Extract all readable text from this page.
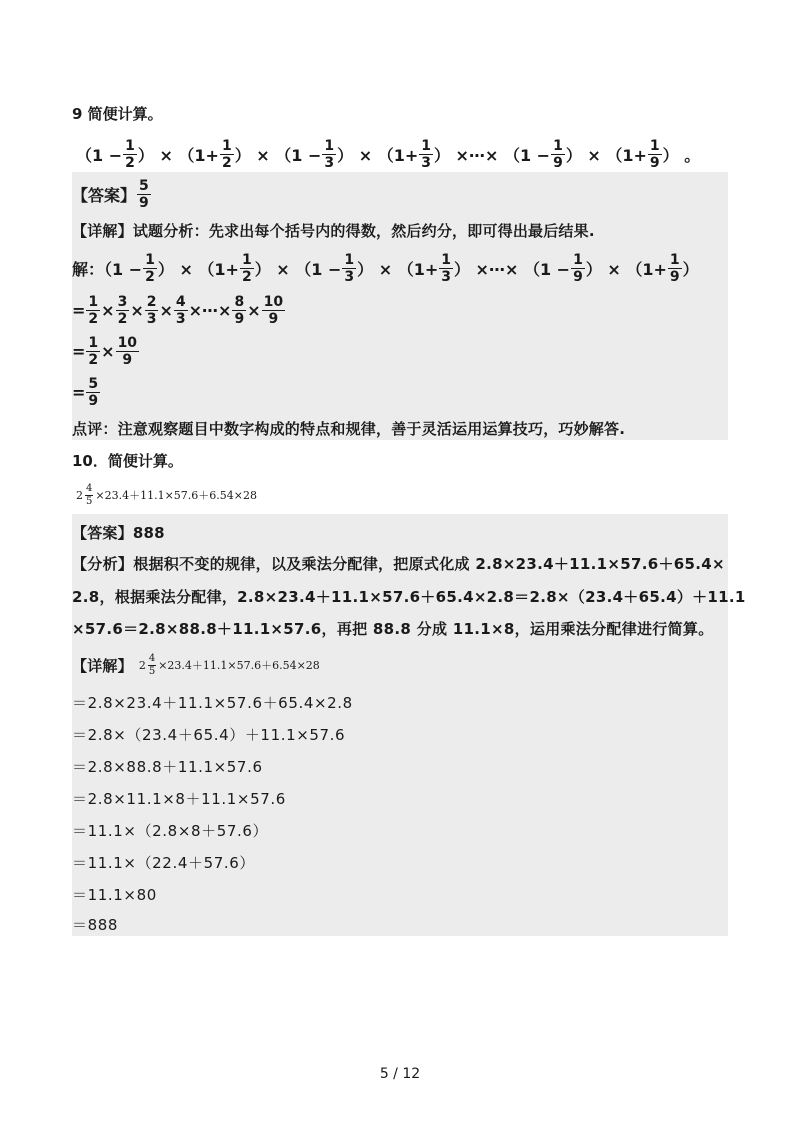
9 简便计算。
（$1 - \frac{1}{2}$ ） × （$1+ \frac{1}{2}$ ） × （$1 - \frac{1}{3}$ ） × （$1+ \frac{1}{3}$ ） ×⋯× （$1 - \frac{1}{9}$ ） × （$1+ \frac{1}{9}$ ） 。
【答案】 $\frac{5}{9}$
【详解】试题分析：先求出每个括号内的得数，然后约分，即可得出最后结果.
解：（$1 - \frac{1}{2}$ ） × （$1+ \frac{1}{2}$ ） × （$1 - \frac{1}{3}$ ） × （$1+ \frac{1}{3}$ ） ×⋯× （$1 - \frac{1}{9}$ ） × （$1+ \frac{1}{9}$ ）
= $\frac{1}{2} \times \frac{3}{2} \times \frac{2}{3} \times \frac{4}{3}$ ×⋯× $\frac{8}{9} \times \frac{10}{9}$
= $\frac{1}{2} \times \frac{10}{9}$
= $\frac{5}{9}$
点评：注意观察题目中数字构成的特点和规律，善于灵活运用运算技巧，巧妙解答.
10．简便计算。
$2 \frac{4}{5} \times 23.4+11.1\times 57.6+6.54\times 28$
【答案】888
【分析】根据积不变的规律，以及乘法分配律，把原式化成 2.8×23.4＋11.1×57.6＋65.4×
2.8，根据乘法分配律，2.8×23.4＋11.1×57.6＋65.4×2.8＝2.8×（23.4＋65.4）＋11.1
×57.6＝2.8×88.8＋11.1×57.6，再把 88.8 分成 11.1×8，运用乘法分配律进行简算。
【详解】 $2 \frac{4}{5} \times 23.4+11.1\times 57.6+6.54\times 28$
＝2.8×23.4＋11.1×57.6＋65.4×2.8
＝2.8×（23.4＋65.4）＋11.1×57.6
＝2.8×88.8＋11.1×57.6
＝2.8×11.1×8＋11.1×57.6
＝11.1×（2.8×8＋57.6）
＝11.1×（22.4＋57.6）
＝11.1×80
＝888
5 / 12
